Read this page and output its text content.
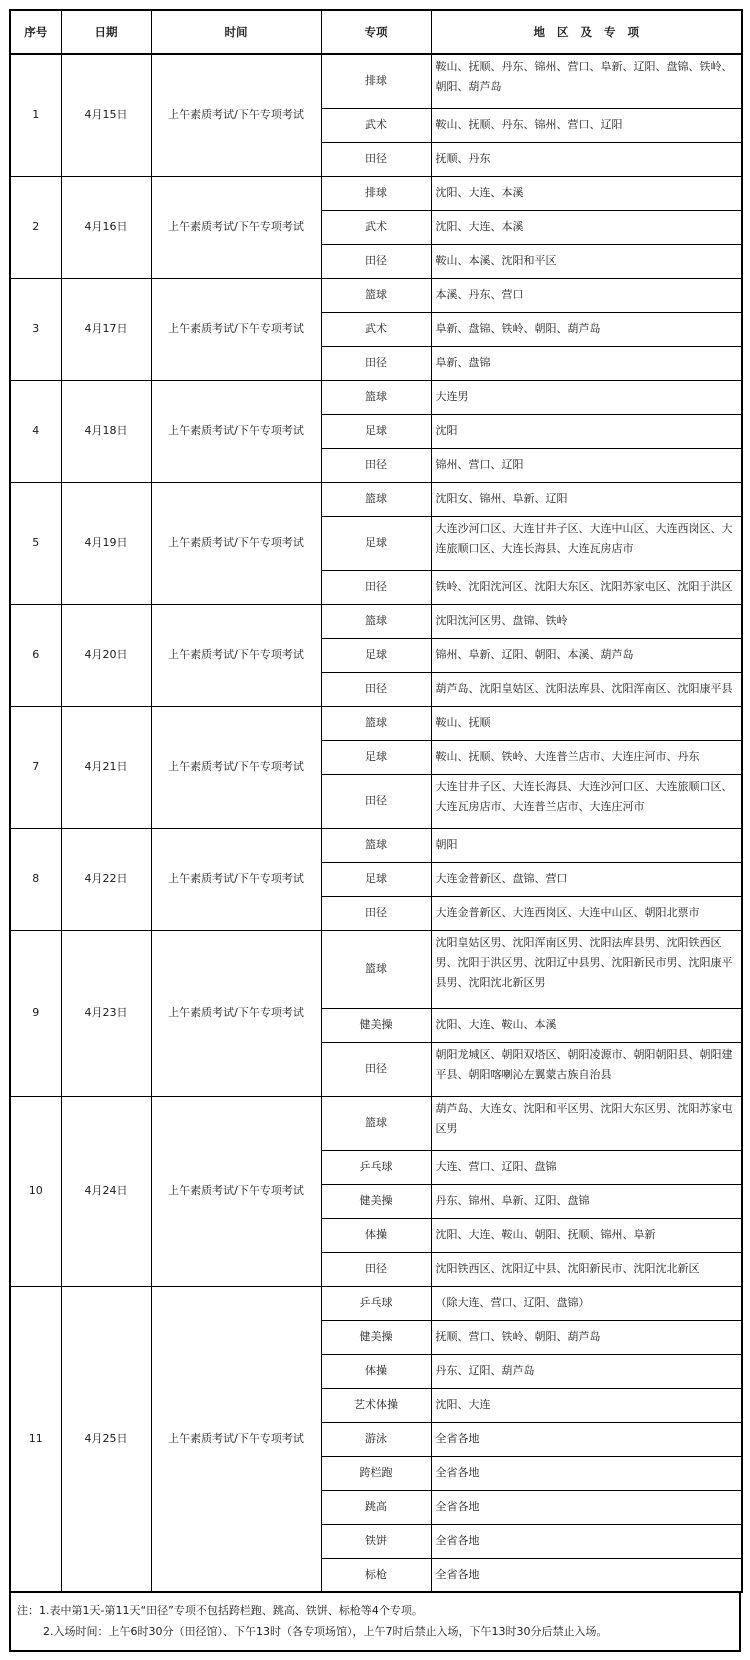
序号	日期	时间	专项	地 区 及 专 项
1	4月15日	上午素质考试/下午专项考试	排球	鞍山、抚顺、丹东、锦州、营口、阜新、辽阳、盘锦、铁岭、朝阳、葫芦岛
			武术	鞍山、抚顺、丹东、锦州、营口、辽阳
			田径	抚顺、丹东
2	4月16日	上午素质考试/下午专项考试	排球	沈阳、大连、本溪
			武术	沈阳、大连、本溪
			田径	鞍山、本溪、沈阳和平区
3	4月17日	上午素质考试/下午专项考试	篮球	本溪、丹东、营口
			武术	阜新、盘锦、铁岭、朝阳、葫芦岛
			田径	阜新、盘锦
4	4月18日	上午素质考试/下午专项考试	篮球	大连男
			足球	沈阳
			田径	锦州、营口、辽阳
5	4月19日	上午素质考试/下午专项考试	篮球	沈阳女、锦州、阜新、辽阳
			足球	大连沙河口区、大连甘井子区、大连中山区、大连西岗区、大连旅顺口区、大连长海县、大连瓦房店市
			田径	铁岭、沈阳沈河区、沈阳大东区、沈阳苏家屯区、沈阳于洪区
6	4月20日	上午素质考试/下午专项考试	篮球	沈阳沈河区男、盘锦、铁岭
			足球	锦州、阜新、辽阳、朝阳、本溪、葫芦岛
			田径	葫芦岛、沈阳皇姑区、沈阳法库县、沈阳浑南区、沈阳康平县
7	4月21日	上午素质考试/下午专项考试	篮球	鞍山、抚顺
			足球	鞍山、抚顺、铁岭、大连普兰店市、大连庄河市、丹东
			田径	大连甘井子区、大连长海县、大连沙河口区、大连旅顺口区、大连瓦房店市、大连普兰店市、大连庄河市
8	4月22日	上午素质考试/下午专项考试	篮球	朝阳
			足球	大连金普新区、盘锦、营口
			田径	大连金普新区、大连西岗区、大连中山区、朝阳北票市
9	4月23日	上午素质考试/下午专项考试	篮球	沈阳皇姑区男、沈阳浑南区男、沈阳法库县男、沈阳铁西区男、沈阳于洪区男、沈阳辽中县男、沈阳新民市男、沈阳康平县男、沈阳沈北新区男
			健美操	沈阳、大连、鞍山、本溪
			田径	朝阳龙城区、朝阳双塔区、朝阳凌源市、朝阳朝阳县、朝阳建平县、朝阳喀喇沁左翼蒙古族自治县
10	4月24日	上午素质考试/下午专项考试	篮球	葫芦岛、大连女、沈阳和平区男、沈阳大东区男、沈阳苏家屯区男
			乒乓球	大连、营口、辽阳、盘锦
			健美操	丹东、锦州、阜新、辽阳、盘锦
			体操	沈阳、大连、鞍山、朝阳、抚顺、锦州、阜新
			田径	沈阳铁西区、沈阳辽中县、沈阳新民市、沈阳沈北新区
11	4月25日	上午素质考试/下午专项考试	乒乓球	（除大连、营口、辽阳、盘锦）
			健美操	抚顺、营口、铁岭、朝阳、葫芦岛
			体操	丹东、辽阳、葫芦岛
			艺术体操	沈阳、大连
			游泳	全省各地
			跨栏跑	全省各地
			跳高	全省各地
			铁饼	全省各地
			标枪	全省各地
注：1.表中第1天-第11天“田径”专项不包括跨栏跑、跳高、铁饼、标枪等4个专项。
2.入场时间：上午6时30分（田径馆）、下午13时（各专项场馆），上午7时后禁止入场，下午13时30分后禁止入场。
